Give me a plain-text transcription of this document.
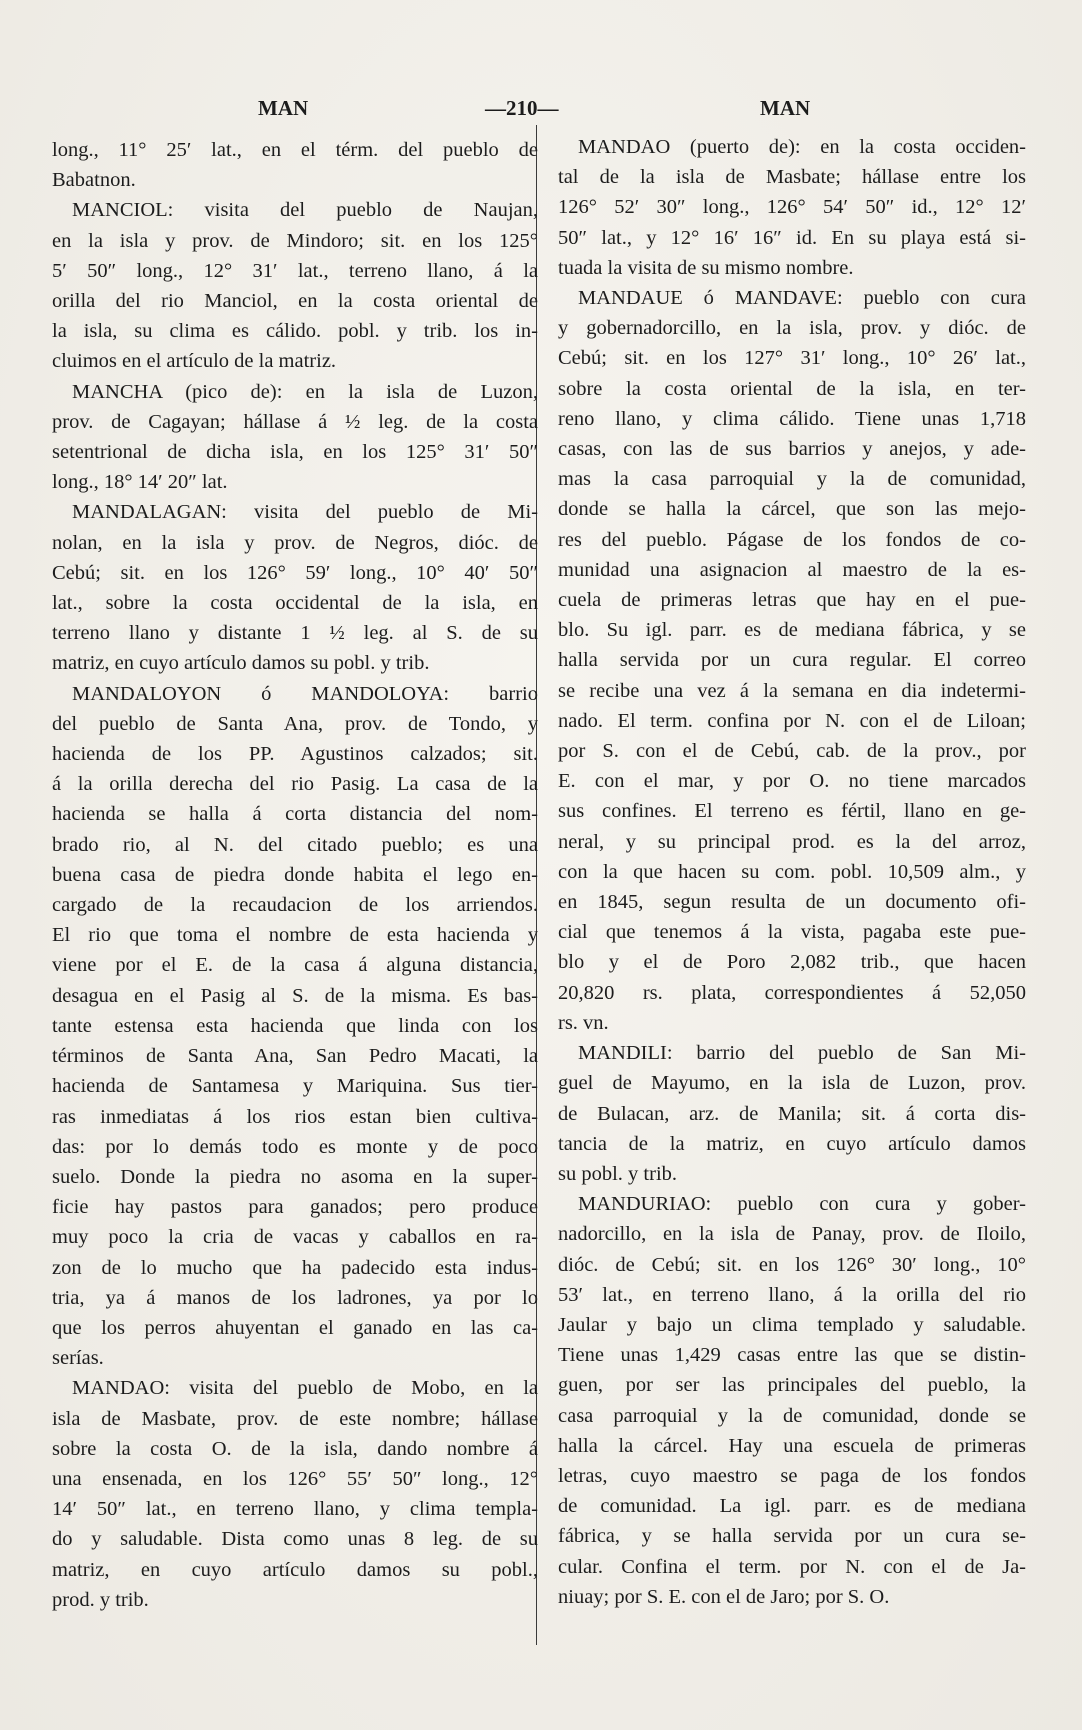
MAN	—210—	MAN
long., 11° 25′ lat., en el térm. del pueblo de
Babatnon.
MANCIOL: visita del pueblo de Naujan,
en la isla y prov. de Mindoro; sit. en los 125°
5′ 50″ long., 12° 31′ lat., terreno llano, á la
orilla del rio Manciol, en la costa oriental de
la isla, su clima es cálido. pobl. y trib. los in-
cluimos en el artículo de la matriz.
MANCHA (pico de): en la isla de Luzon,
prov. de Cagayan; hállase á ½ leg. de la costa
setentrional de dicha isla, en los 125° 31′ 50″
long., 18° 14′ 20″ lat.
MANDALAGAN: visita del pueblo de Mi-
nolan, en la isla y prov. de Negros, dióc. de
Cebú; sit. en los 126° 59′ long., 10° 40′ 50″
lat., sobre la costa occidental de la isla, en
terreno llano y distante 1 ½ leg. al S. de su
matriz, en cuyo artículo damos su pobl. y trib.
MANDALOYON ó MANDOLOYA: barrio
del pueblo de Santa Ana, prov. de Tondo, y
hacienda de los PP. Agustinos calzados; sit.
á la orilla derecha del rio Pasig. La casa de la
hacienda se halla á corta distancia del nom-
brado rio, al N. del citado pueblo; es una
buena casa de piedra donde habita el lego en-
cargado de la recaudacion de los arriendos.
El rio que toma el nombre de esta hacienda y
viene por el E. de la casa á alguna distancia,
desagua en el Pasig al S. de la misma. Es bas-
tante estensa esta hacienda que linda con los
términos de Santa Ana, San Pedro Macati, la
hacienda de Santamesa y Mariquina. Sus tier-
ras inmediatas á los rios estan bien cultiva-
das: por lo demás todo es monte y de poco
suelo. Donde la piedra no asoma en la super-
ficie hay pastos para ganados; pero produce
muy poco la cria de vacas y caballos en ra-
zon de lo mucho que ha padecido esta indus-
tria, ya á manos de los ladrones, ya por lo
que los perros ahuyentan el ganado en las ca-
serías.
MANDAO: visita del pueblo de Mobo, en la
isla de Masbate, prov. de este nombre; hállase
sobre la costa O. de la isla, dando nombre á
una ensenada, en los 126° 55′ 50″ long., 12°
14′ 50″ lat., en terreno llano, y clima templa-
do y saludable. Dista como unas 8 leg. de su
matriz, en cuyo artículo damos su pobl.,
prod. y trib.
MANDAO (puerto de): en la costa occiden-
tal de la isla de Masbate; hállase entre los
126° 52′ 30″ long., 126° 54′ 50″ id., 12° 12′
50″ lat., y 12° 16′ 16″ id. En su playa está si-
tuada la visita de su mismo nombre.
MANDAUE ó MANDAVE: pueblo con cura
y gobernadorcillo, en la isla, prov. y dióc. de
Cebú; sit. en los 127° 31′ long., 10° 26′ lat.,
sobre la costa oriental de la isla, en ter-
reno llano, y clima cálido. Tiene unas 1,718
casas, con las de sus barrios y anejos, y ade-
mas la casa parroquial y la de comunidad,
donde se halla la cárcel, que son las mejo-
res del pueblo. Págase de los fondos de co-
munidad una asignacion al maestro de la es-
cuela de primeras letras que hay en el pue-
blo. Su igl. parr. es de mediana fábrica, y se
halla servida por un cura regular. El correo
se recibe una vez á la semana en dia indetermi-
nado. El term. confina por N. con el de Liloan;
por S. con el de Cebú, cab. de la prov., por
E. con el mar, y por O. no tiene marcados
sus confines. El terreno es fértil, llano en ge-
neral, y su principal prod. es la del arroz,
con la que hacen su com. pobl. 10,509 alm., y
en 1845, segun resulta de un documento ofi-
cial que tenemos á la vista, pagaba este pue-
blo y el de Poro 2,082 trib., que hacen
20,820 rs. plata, correspondientes á 52,050
rs. vn.
MANDILI: barrio del pueblo de San Mi-
guel de Mayumo, en la isla de Luzon, prov.
de Bulacan, arz. de Manila; sit. á corta dis-
tancia de la matriz, en cuyo artículo damos
su pobl. y trib.
MANDURIAO: pueblo con cura y gober-
nadorcillo, en la isla de Panay, prov. de Iloilo,
dióc. de Cebú; sit. en los 126° 30′ long., 10°
53′ lat., en terreno llano, á la orilla del rio
Jaular y bajo un clima templado y saludable.
Tiene unas 1,429 casas entre las que se distin-
guen, por ser las principales del pueblo, la
casa parroquial y la de comunidad, donde se
halla la cárcel. Hay una escuela de primeras
letras, cuyo maestro se paga de los fondos
de comunidad. La igl. parr. es de mediana
fábrica, y se halla servida por un cura se-
cular. Confina el term. por N. con el de Ja-
niuay; por S. E. con el de Jaro; por S. O.
